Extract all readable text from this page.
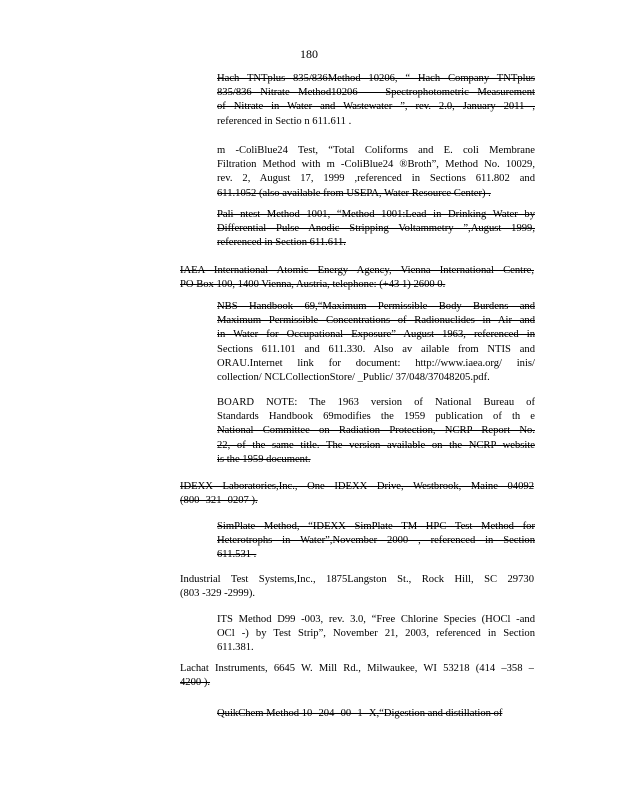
180
Hach TNTplus 835/836Method 10206, “ Hach Company TNTplus
835/836 Nitrate Method10206 — Spectrophotometric Measurement
of Nitrate in Water and Wastewater ”, rev. 2.0, January 2011 ,
referenced in Sectio n 611.611 .
m -ColiBlue24 Test, “Total Coliforms and E. coli Membrane
Filtration Method with m -ColiBlue24 ®Broth”, Method No. 10029,
rev. 2, August 17, 1999 ,referenced in Sections 611.802 and
611.1052 (also available from USEPA, Water Resource Center) .
Pali ntest Method 1001, “Method 1001:Lead in Drinking Water by
Differential Pulse Anodic Stripping Voltammetry ”,August 1999,
referenced in Section 611.611.
IAEA International Atomic Energy Agency, Vienna International Centre,
PO Box 100, 1400 Vienna, Austria, telephone: (+43 1) 2600 0.
NBS Handbook 69,“Maximum Permissible Body Burdens and
Maximum Permissible Concentrations of Radionuclides in Air and
in Water for Occupational Exposure” August 1963, referenced in
Sections 611.101 and 611.330. Also av ailable from NTIS and
ORAU.Internet link for document: http://www.iaea.org/ inis/
collection/ NCLCollectionStore/ _Public/ 37/048/37048205.pdf.
BOARD NOTE: The 1963 version of National Bureau of
Standards Handbook 69modifies the 1959 publication of th e
National Committee on Radiation Protection, NCRP Report No.
22, of the same title. The version available on the NCRP website
is the 1959 document.
IDEXX Laboratories,Inc., One IDEXX Drive, Westbrook, Maine 04092
(800 -321 -0207 ).
SimPlate Method, “IDEXX SimPlate TM HPC Test Method for
Heterotrophs in Water”,November 2000 , referenced in Section
611.531 .
Industrial Test Systems,Inc., 1875Langston St., Rock Hill, SC 29730
(803 -329 -2999).
ITS Method D99 -003, rev. 3.0, “Free Chlorine Species (HOCl -and
OCl -) by Test Strip”, November 21, 2003, referenced in Section
611.381.
Lachat Instruments, 6645 W. Mill Rd., Milwaukee, WI 53218 (414 –358 –
4200 ).
QuikChem Method 10 -204 -00 -1 -X,“Digestion and distillation of
